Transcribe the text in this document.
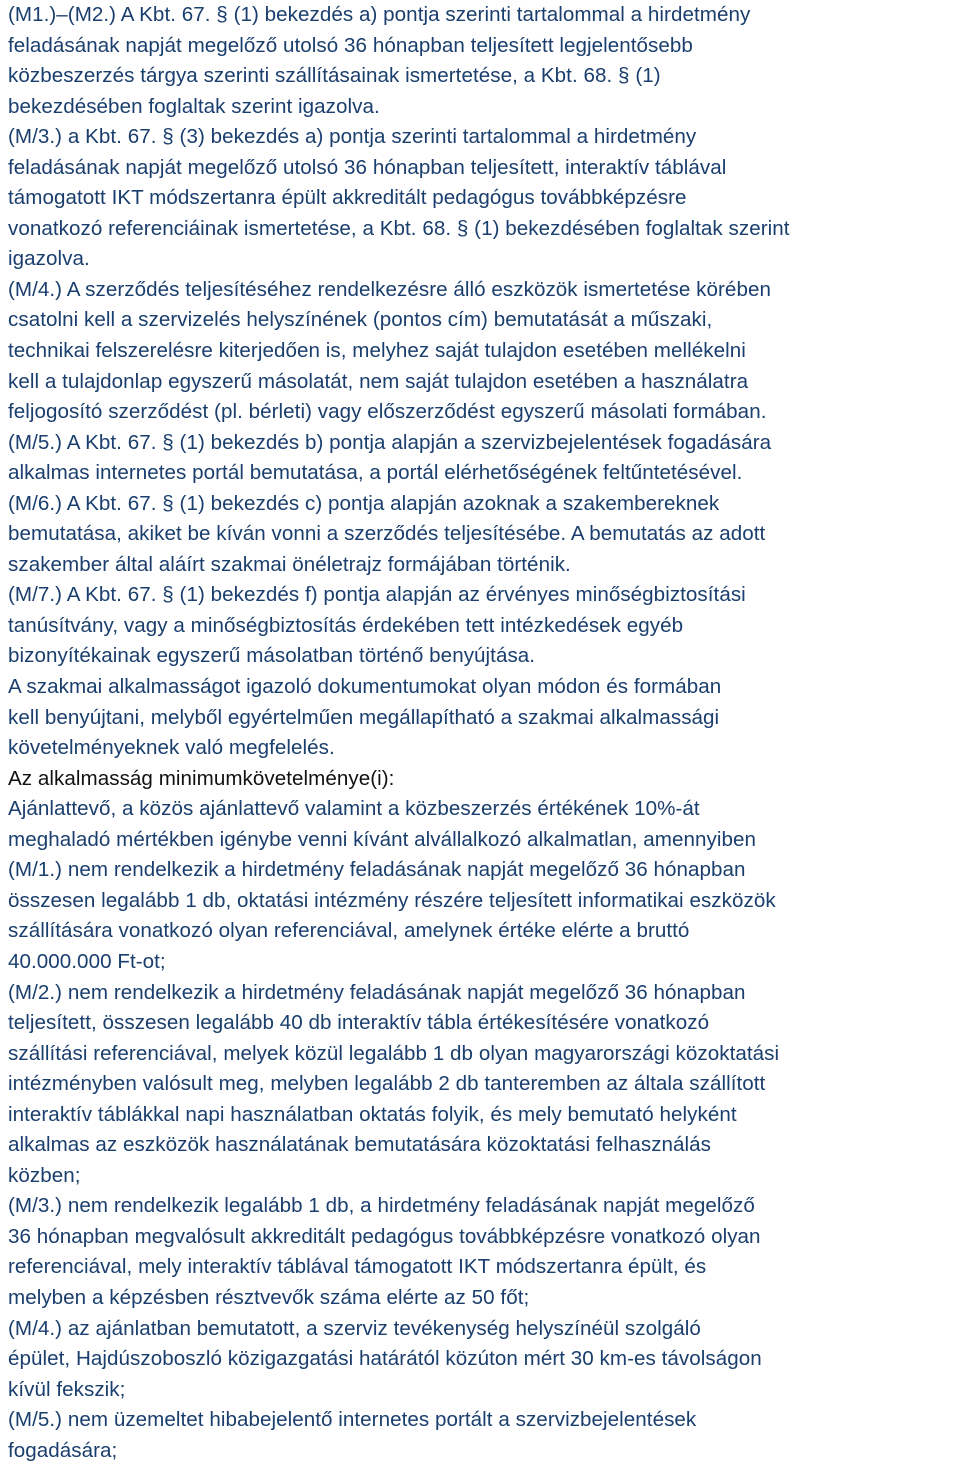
(M1.)–(M2.) A Kbt. 67. § (1) bekezdés a) pontja szerinti tartalommal a hirdetmény
feladásának napját megelőző utolsó 36 hónapban teljesített legjelentősebb
közbeszerzés tárgya szerinti szállításainak ismertetése, a Kbt. 68. § (1)
bekezdésében foglaltak szerint igazolva.
(M/3.) a Kbt. 67. § (3) bekezdés a) pontja szerinti tartalommal a hirdetmény
feladásának napját megelőző utolsó 36 hónapban teljesített, interaktív táblával
támogatott IKT módszertanra épült akkreditált pedagógus továbbképzésre
vonatkozó referenciáinak ismertetése, a Kbt. 68. § (1) bekezdésében foglaltak szerint
igazolva.
(M/4.) A szerződés teljesítéséhez rendelkezésre álló eszközök ismertetése körében
csatolni kell a szervizelés helyszínének (pontos cím) bemutatását a műszaki,
technikai felszerelésre kiterjedően is, melyhez saját tulajdon esetében mellékelni
kell a tulajdonlap egyszerű másolatát, nem saját tulajdon esetében a használatra
feljogosító szerződést (pl. bérleti) vagy előszerződést egyszerű másolati formában.
(M/5.) A Kbt. 67. § (1) bekezdés b) pontja alapján a szervizbejelentések fogadására
alkalmas internetes portál bemutatása, a portál elérhetőségének feltűntetésével.
(M/6.) A Kbt. 67. § (1) bekezdés c) pontja alapján azoknak a szakembereknek
bemutatása, akiket be kíván vonni a szerződés teljesítésébe. A bemutatás az adott
szakember által aláírt szakmai önéletrajz formájában történik.
(M/7.) A Kbt. 67. § (1) bekezdés f) pontja alapján az érvényes minőségbiztosítási
tanúsítvány, vagy a minőségbiztosítás érdekében tett intézkedések egyéb
bizonyítékainak egyszerű másolatban történő benyújtása.
A szakmai alkalmasságot igazoló dokumentumokat olyan módon és formában
kell benyújtani, melyből egyértelműen megállapítható a szakmai alkalmassági
követelményeknek való megfelelés.
Az alkalmasság minimumkövetelménye(i):
Ajánlattevő, a közös ajánlattevő valamint a közbeszerzés értékének 10%-át
meghaladó mértékben igénybe venni kívánt alvállalkozó alkalmatlan, amennyiben
(M/1.) nem rendelkezik a hirdetmény feladásának napját megelőző 36 hónapban
összesen legalább 1 db, oktatási intézmény részére teljesített informatikai eszközök
szállítására vonatkozó olyan referenciával, amelynek értéke elérte a bruttó
40.000.000 Ft-ot;
(M/2.) nem rendelkezik a hirdetmény feladásának napját megelőző 36 hónapban
teljesített, összesen legalább 40 db interaktív tábla értékesítésére vonatkozó
szállítási referenciával, melyek közül legalább 1 db olyan magyarországi közoktatási
intézményben valósult meg, melyben legalább 2 db tanteremben az általa szállított
interaktív táblákkal napi használatban oktatás folyik, és mely bemutató helyként
alkalmas az eszközök használatának bemutatására közoktatási felhasználás
közben;
(M/3.) nem rendelkezik legalább 1 db, a hirdetmény feladásának napját megelőző
36 hónapban megvalósult akkreditált pedagógus továbbképzésre vonatkozó olyan
referenciával, mely interaktív táblával támogatott IKT módszertanra épült, és
melyben a képzésben résztvevők száma elérte az 50 főt;
(M/4.) az ajánlatban bemutatott, a szerviz tevékenység helyszínéül szolgáló
épület, Hajdúszoboszló közigazgatási határától közúton mért 30 km-es távolságon
kívül fekszik;
(M/5.) nem üzemeltet hibabejelentő internetes portált a szervizbejelentések
fogadására;
